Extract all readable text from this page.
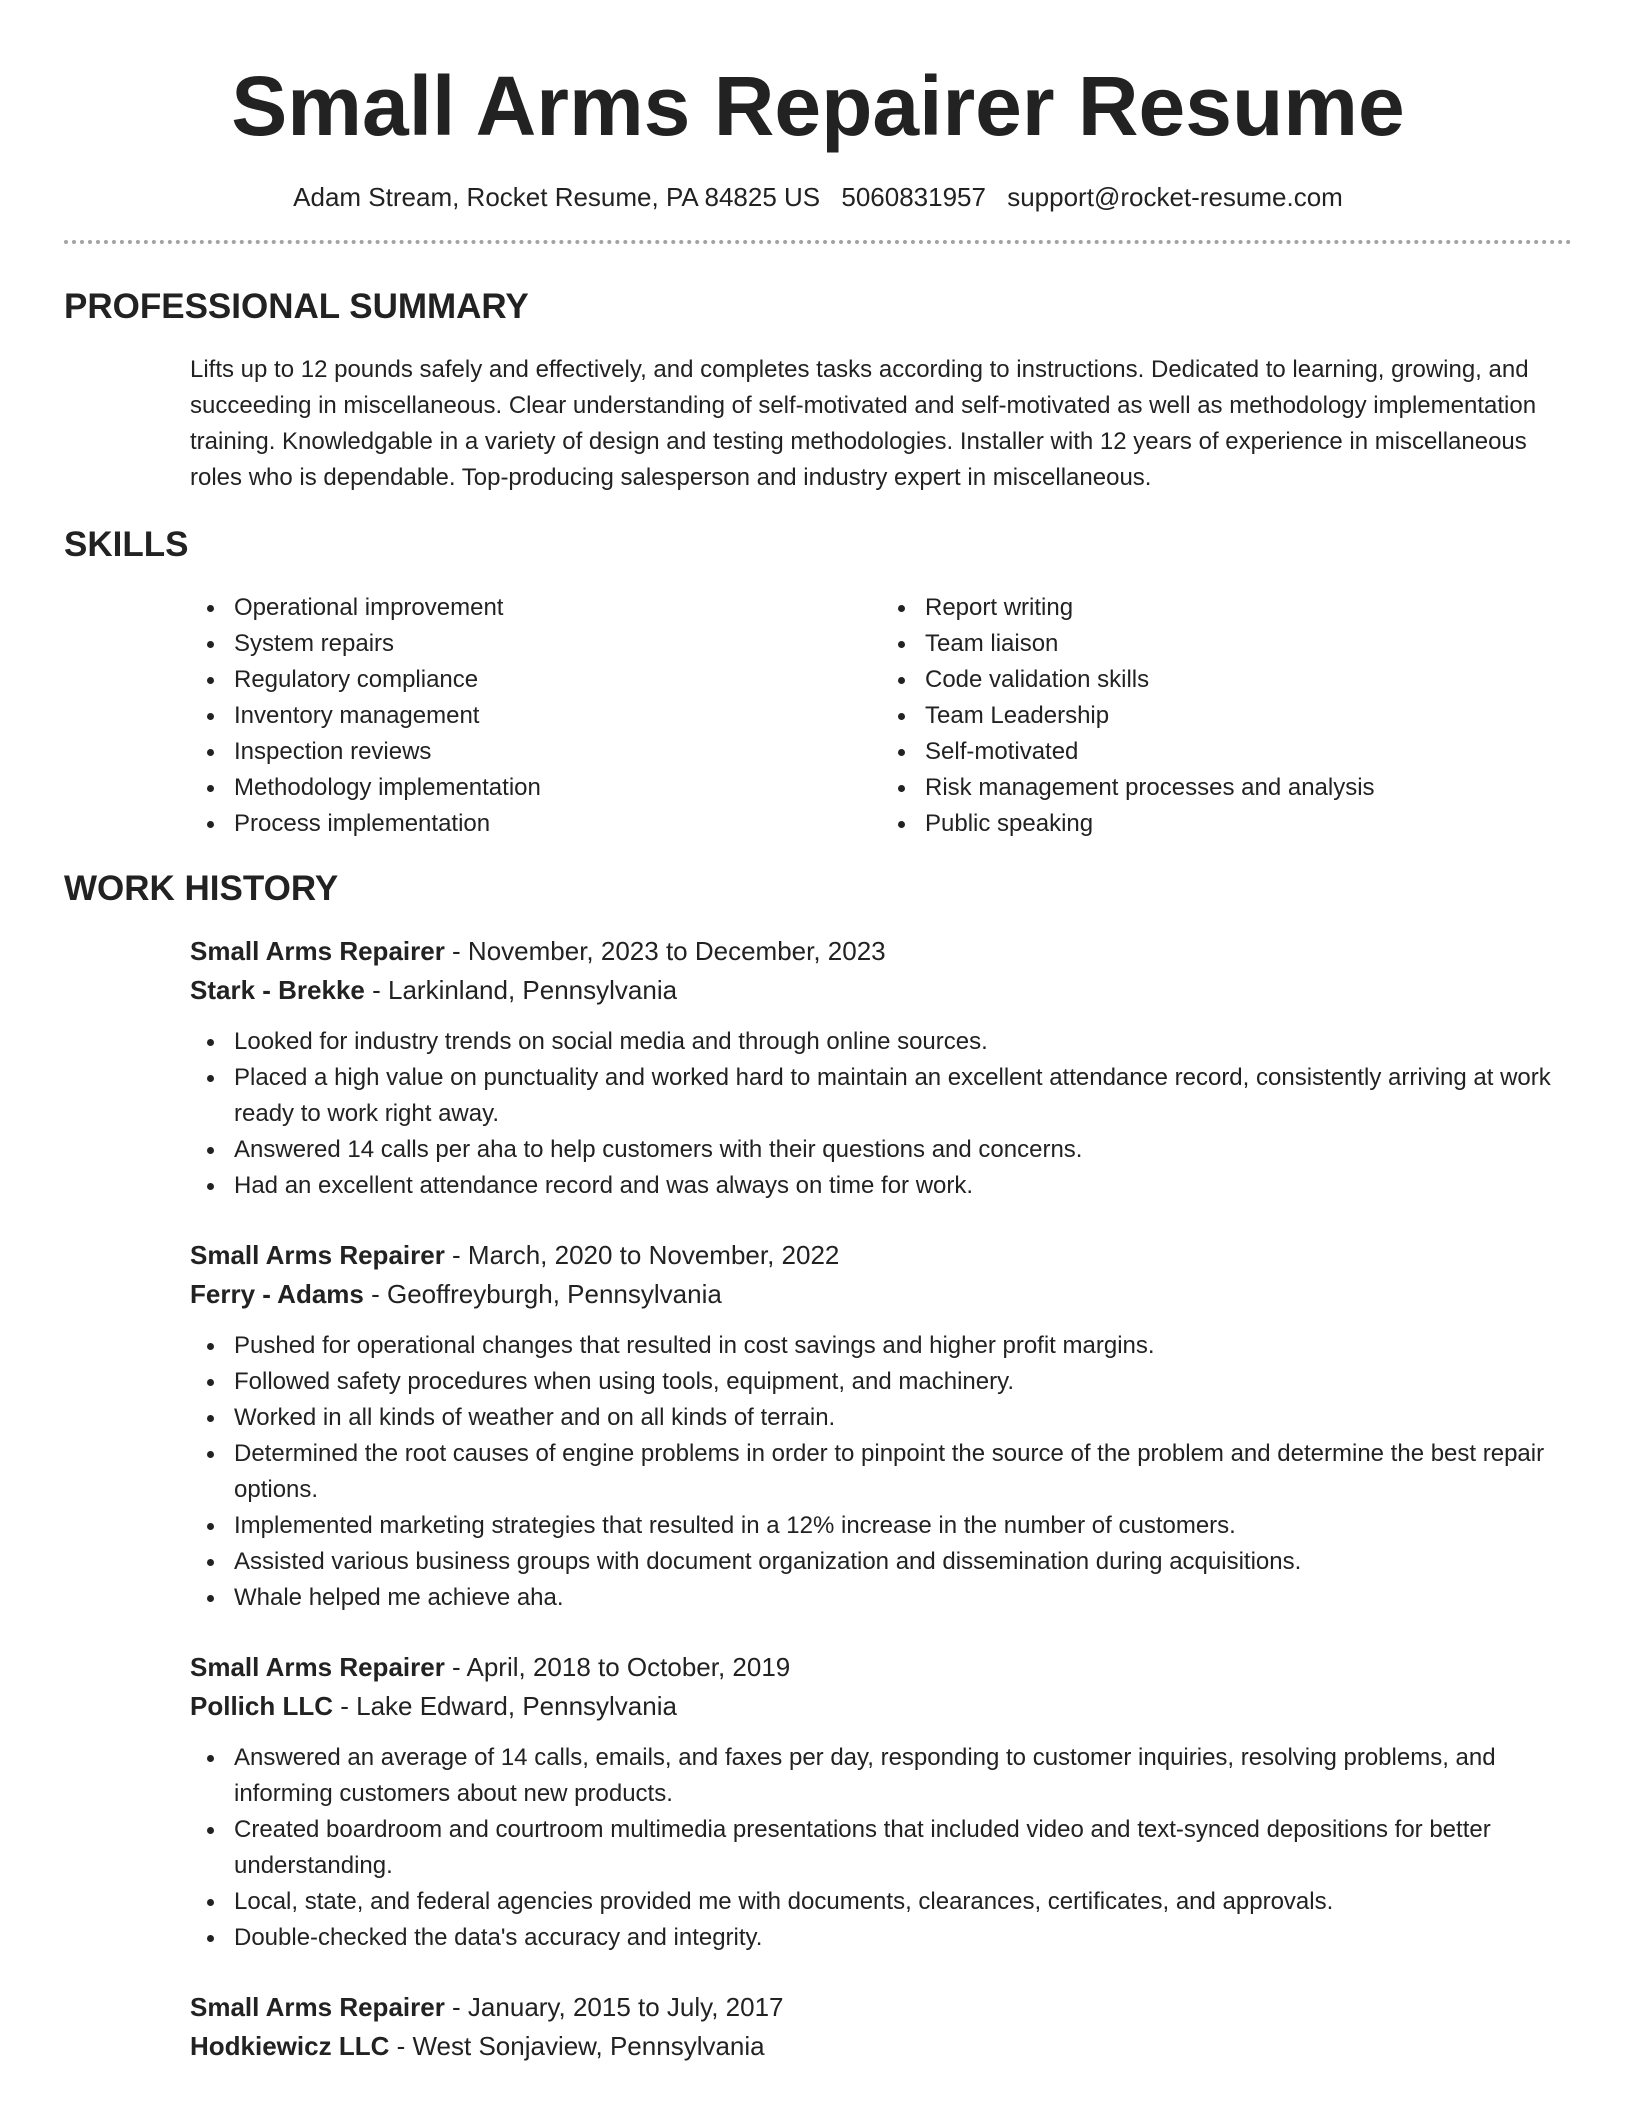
Small Arms Repairer Resume
Adam Stream, Rocket Resume, PA 84825 US 5060831957 support@rocket-resume.com
PROFESSIONAL SUMMARY

Lifts up to 12 pounds safely and effectively, and completes tasks according to instructions. Dedicated to learning, growing, and succeeding in miscellaneous. Clear understanding of self-motivated and self-motivated as well as methodology implementation training. Knowledgable in a variety of design and testing methodologies. Installer with 12 years of experience in miscellaneous roles who is dependable. Top-producing salesperson and industry expert in miscellaneous.

SKILLS
Operational improvement
System repairs
Regulatory compliance
Inventory management
Inspection reviews
Methodology implementation
Process implementation
Report writing
Team liaison
Code validation skills
Team Leadership
Self-motivated
Risk management processes and analysis
Public speaking
WORK HISTORY
Small Arms Repairer - November, 2023 to December, 2023
Stark - Brekke - Larkinland, Pennsylvania
Looked for industry trends on social media and through online sources.
Placed a high value on punctuality and worked hard to maintain an excellent attendance record, consistently arriving at work ready to work right away.
Answered 14 calls per aha to help customers with their questions and concerns.
Had an excellent attendance record and was always on time for work.
Small Arms Repairer - March, 2020 to November, 2022
Ferry - Adams - Geoffreyburgh, Pennsylvania
Pushed for operational changes that resulted in cost savings and higher profit margins.
Followed safety procedures when using tools, equipment, and machinery.
Worked in all kinds of weather and on all kinds of terrain.
Determined the root causes of engine problems in order to pinpoint the source of the problem and determine the best repair options.
Implemented marketing strategies that resulted in a 12% increase in the number of customers.
Assisted various business groups with document organization and dissemination during acquisitions.
Whale helped me achieve aha.
Small Arms Repairer - April, 2018 to October, 2019
Pollich LLC - Lake Edward, Pennsylvania
Answered an average of 14 calls, emails, and faxes per day, responding to customer inquiries, resolving problems, and informing customers about new products.
Created boardroom and courtroom multimedia presentations that included video and text-synced depositions for better understanding.
Local, state, and federal agencies provided me with documents, clearances, certificates, and approvals.
Double-checked the data's accuracy and integrity.
Small Arms Repairer - January, 2015 to July, 2017
Hodkiewicz LLC - West Sonjaview, Pennsylvania
